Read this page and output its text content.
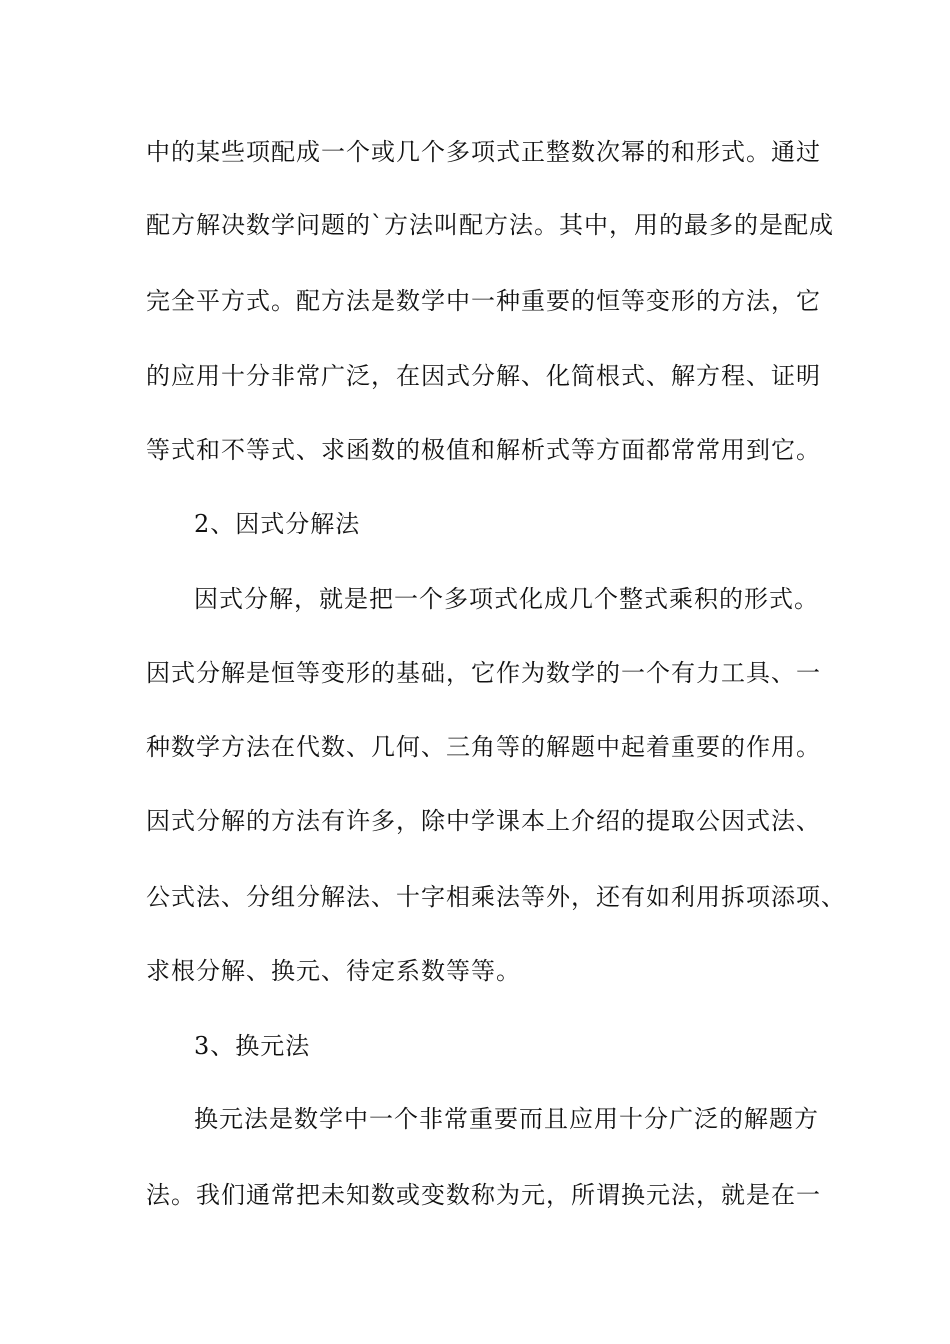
中的某些项配成一个或几个多项式正整数次幂的和形式。通过
配方解决数学问题的`方法叫配方法。其中，用的最多的是配成
完全平方式。配方法是数学中一种重要的恒等变形的方法，它
的应用十分非常广泛，在因式分解、化简根式、解方程、证明
等式和不等式、求函数的极值和解析式等方面都常常用到它。
2、因式分解法
因式分解，就是把一个多项式化成几个整式乘积的形式。
因式分解是恒等变形的基础，它作为数学的一个有力工具、一
种数学方法在代数、几何、三角等的解题中起着重要的作用。
因式分解的方法有许多，除中学课本上介绍的提取公因式法、
公式法、分组分解法、十字相乘法等外，还有如利用拆项添项、
求根分解、换元、待定系数等等。
3、换元法
换元法是数学中一个非常重要而且应用十分广泛的解题方
法。我们通常把未知数或变数称为元，所谓换元法，就是在一
